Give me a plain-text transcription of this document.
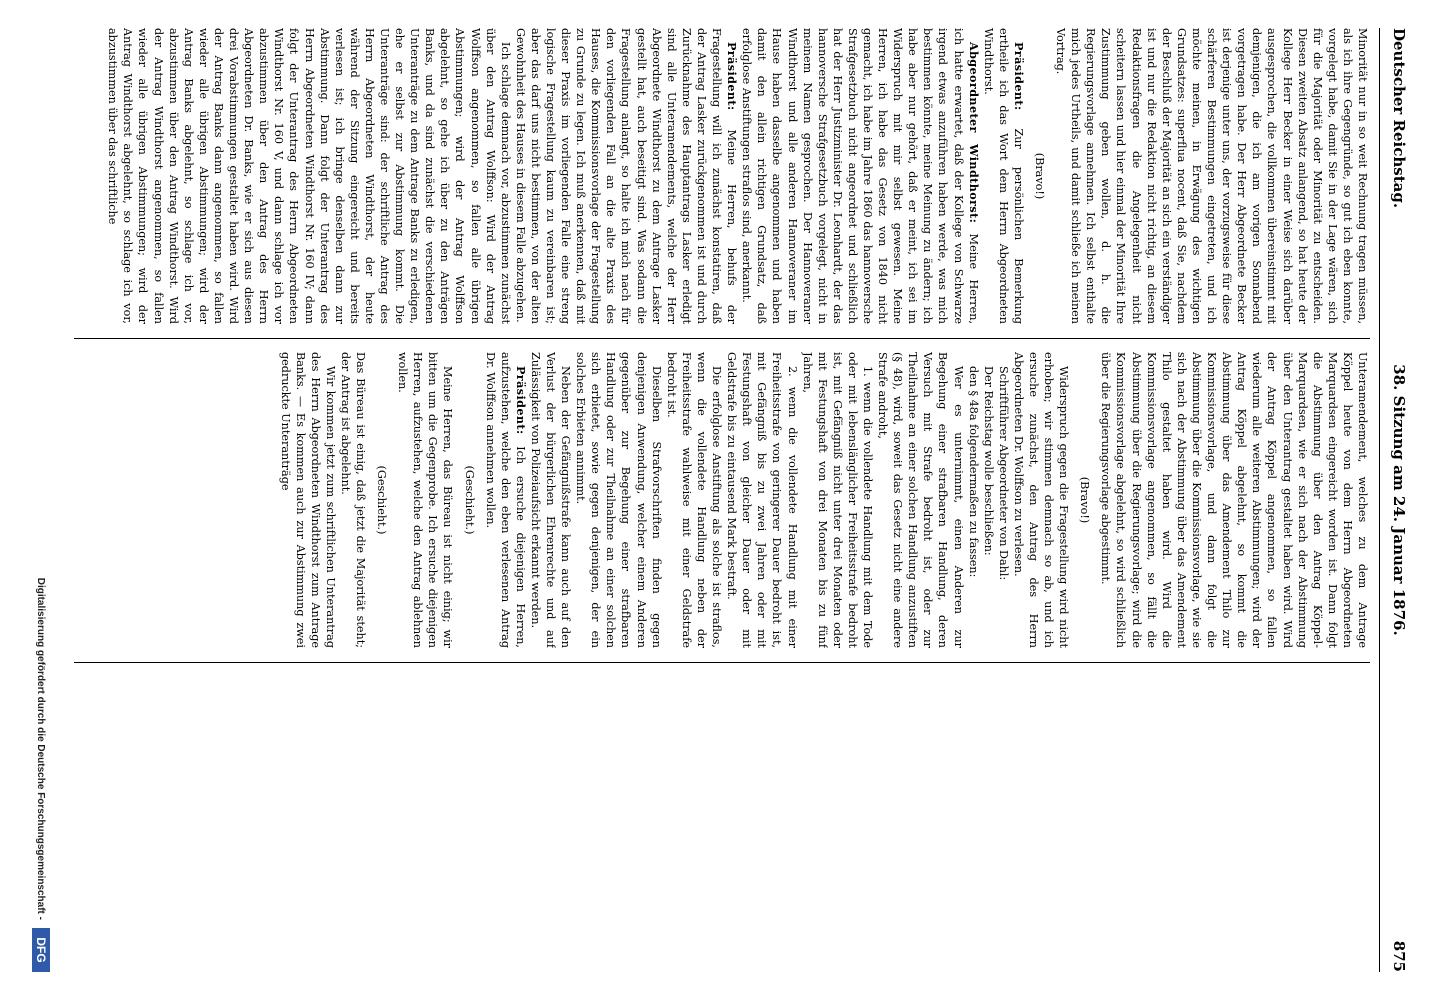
Deutscher Reichstag.
38. Sitzung am 24. Januar 1876.
875

Minorität nur in so weit Rechnung tragen müssen, als ich ihre Gegengründe, so gut ich eben konnte, vorgelegt habe, damit Sie in der Lage wären, sich für die Majorität oder Minorität zu entscheiden. Diesen zweiten Absatz anlangend, so hat heute der Kollege Herr Becker in einer Weise sich darüber ausgesprochen, die vollkommen übereinstimmt mit demjenigen, die ich am vorigen Sonnabend vorgetragen habe. Der Herr Abgeordnete Becker ist derjenige unter uns, der vorzugsweise für diese schärferen Bestimmungen eingetreten, und ich möchte meinen, in Erwägung des wichtigen Grundsatzes: superflua nocent, daß Sie, nachdem der Beschluß der Majorität an sich ein verständiger ist und nur die Redaktion nicht richtig, an diesem Redaktionsfragen die Angelegenheit nicht scheitern lassen und hier einmal der Minorität Ihre Zustimmung geben wollen, d. h. die Regierungsvorlage annehmen. Ich selbst enthalte mich jedes Urtheils, und damit schließe ich meinen Vortrag.

(Bravo!)

Präsident: Zur persönlichen Bemerkung ertheile ich das Wort dem Herrn Abgeordneten Windthorst.

Abgeordneter Windthorst: Meine Herren, ich hatte erwartet, daß der Kollege von Schwarze irgend etwas anzuführen haben werde, was mich bestimmen könnte, meine Meinung zu ändern; ich habe aber nur gehört, daß er meint, ich sei im Widerspruch mit mir selbst gewesen. Meine Herren, ich habe das Gesetz von 1840 nicht gemacht, ich habe im Jahre 1860 das hannoversche Strafgesetzbuch nicht angeordnet und schließlich hat der Herr Justizminister Dr. Leonhardt, der das hannoversche Strafgesetzbuch vorgelegt, nicht in meinem Namen gesprochen. Der Hannoveraner Windthorst und alle anderen Hannoveraner im Hause haben dasselbe angenommen und haben damit den allein richtigen Grundsatz, daß erfolglose Anstiftungen straflos sind, anerkannt.

Präsident: Meine Herren, behufs der Fragestellung will ich zunächst konstatiren, daß der Antrag Lasker zurückgenommen ist und durch Zurücknahme des Hauptantrags Lasker erledigt sind alle Unteramendements, welche der Herr Abgeordnete Windthorst zu dem Antrage Lasker gestellt hat, auch beseitigt sind. Was sodann die Fragestellung anlangt, so halte ich mich nach für den vorliegenden Fall an die alte Praxis des Hauses, die Kommissionsvorlage der Fragestellung zu Grunde zu legen. Ich muß anerkennen, daß mit dieser Praxis im vorliegenden Falle eine streng logische Fragestellung kaum zu vereinbaren ist; aber das darf uns nicht bestimmen, von der alten Gewohnheit des Hauses in diesem Falle abzugehen.

Ich schlage demnach vor, abzustimmen zunächst über den Antrag Wolffson: Wird der Antrag Wolffson angenommen, so fallen alle übrigen Abstimmungen; wird der Antrag Wolffson abgelehnt, so gehe ich über zu den Anträgen Banks, und da sind zunächst die verschiedenen Unteranträge zu dem Antrage Banks zu erledigen, ehe er selbst zur Abstimmung kommt. Die Unteranträge sind: der schriftliche Antrag des Herrn Abgeordneten Windthorst, der heute während der Sitzung eingereicht und bereits verlesen ist; ich bringe denselben dann zur Abstimmung. Dann folgt der Unterantrag des Herrn Abgeordneten Windthorst Nr. 160 IV; dann folgt der Unterantrag des Herrn Abgeordneten Windthorst Nr. 160 V, und dann schlage ich vor abzustimmen über den Antrag des Herrn Abgeordneten Dr. Banks, wie er sich aus diesen drei Vorabstimmungen gestaltet haben wird. Wird der Antrag Banks dann angenommen, so fallen wieder alle übrigen Abstimmungen; wird der Antrag Banks abgelehnt, so schlage ich vor, abzustimmen über den Antrag Windthorst. Wird der Antrag Windthorst angenommen, so fallen wieder alle übrigen Abstimmungen; wird der Antrag Windthorst abgelehnt, so schlage ich vor, abzustimmen über das schriftliche

Unteramendement, welches zu dem Antrage Köppel heute von dem Herrn Abgeordneten Marquardsen eingereicht worden ist. Dann folgt die Abstimmung über den Antrag Köppel-Marquardsen, wie er sich nach der Abstimmung über den Unterantrag gestaltet haben wird. Wird der Antrag Köppel angenommen, so fallen wiederum alle weiteren Abstimmungen; wird der Antrag Köppel abgelehnt, so kommt die Abstimmung über das Amendement Thilo zur Kommissionsvorlage, und dann folgt die Abstimmung über die Kommissionsvorlage, wie sie sich nach der Abstimmung über das Amendement Thilo gestaltet haben wird. Wird die Kommissionsvorlage angenommen, so fällt die Abstimmung über die Regierungsvorlage; wird die Kommissionsvorlage abgelehnt, so wird schließlich über die Regierungsvorlage abgestimmt.

(Bravo!)

Widerspruch gegen die Fragestellung wird nicht erhoben; wir stimmen demnach so ab, und ich ersuche zunächst, den Antrag des Herrn Abgeordneten Dr. Wolffson zu verlesen.

Schriftführer Abgeordneter von Dahl:

Der Reichstag wolle beschließen:

den § 48a folgendermaßen zu fassen:

Wer es unternimmt, einen Anderen zur Begehung einer strafbaren Handlung, deren Versuch mit Strafe bedroht ist, oder zur Theilnahme an einer solchen Handlung anzustiften (§ 48), wird, soweit das Gesetz nicht eine andere Strafe androht,

1. wenn die vollendete Handlung mit dem Tode oder mit lebenslänglicher Freiheitsstrafe bedroht ist, mit Gefängniß nicht unter drei Monaten oder mit Festungshaft von drei Monaten bis zu fünf Jahren,

2. wenn die vollendete Handlung mit einer Freiheitsstrafe von geringerer Dauer bedroht ist, mit Gefängniß bis zu zwei Jahren oder mit Festungshaft von gleicher Dauer oder mit Geldstrafe bis zu eintausend Mark bestraft.

Die erfolglose Anstiftung als solche ist straflos, wenn die vollendete Handlung neben der Freiheitsstrafe wahlweise mit einer Geldstrafe bedroht ist.

Dieselben Strafvorschriften finden gegen denjenigen Anwendung, welcher einem Anderen gegenüber zur Begehung einer strafbaren Handlung oder zur Theilnahme an einer solchen sich erbietet, sowie gegen denjenigen, der ein solches Erbieten annimmt.

Neben der Gefängnißstrafe kann auch auf den Verlust der bürgerlichen Ehrenrechte und auf Zulässigkeit von Polizeiaufsicht erkannt werden.

Präsident: Ich ersuche diejenigen Herren, aufzustehen, welche den eben verlesenen Antrag Dr. Wolffson annehmen wollen.

(Geschieht.)

Meine Herren, das Büreau ist nicht einig; wir bitten um die Gegenprobe. Ich ersuche diejenigen Herren, aufzustehen, welche den Antrag ablehnen wollen.

(Geschieht.)

Das Büreau ist einig, daß jetzt die Majorität steht; der Antrag ist abgelehnt.

Wir kommen jetzt zum schriftlichen Unterantrag des Herrn Abgeordneten Windthorst zum Antrage Banks. — Es kommen auch zur Abstimmung zwei gedruckte Unteranträge

Digitalisierung gefördert durch die Deutsche Forschungsgemeinschaft -
DFG
